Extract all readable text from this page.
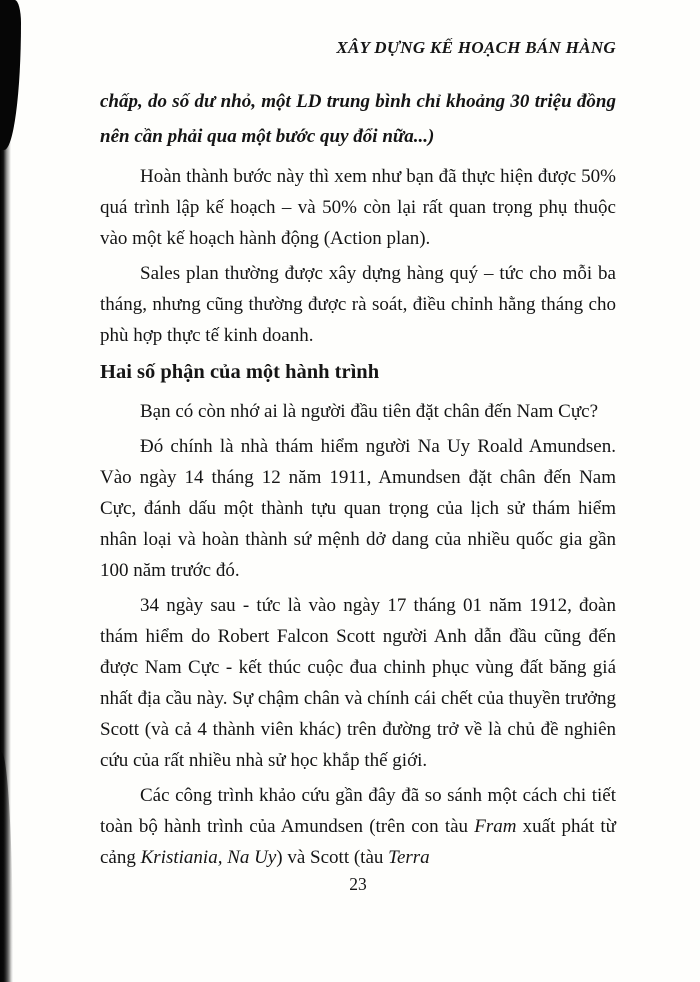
XÂY DỰNG KẾ HOẠCH BÁN HÀNG

chấp, do số dư nhỏ, một LD trung bình chỉ khoảng 30 triệu đồng nên cần phải qua một bước quy đổi nữa...)

Hoàn thành bước này thì xem như bạn đã thực hiện được 50% quá trình lập kế hoạch – và 50% còn lại rất quan trọng phụ thuộc vào một kế hoạch hành động (Action plan).

Sales plan thường được xây dựng hàng quý – tức cho mỗi ba tháng, nhưng cũng thường được rà soát, điều chỉnh hằng tháng cho phù hợp thực tế kinh doanh.

Hai số phận của một hành trình

Bạn có còn nhớ ai là người đầu tiên đặt chân đến Nam Cực?

Đó chính là nhà thám hiểm người Na Uy Roald Amundsen. Vào ngày 14 tháng 12 năm 1911, Amundsen đặt chân đến Nam Cực, đánh dấu một thành tựu quan trọng của lịch sử thám hiểm nhân loại và hoàn thành sứ mệnh dở dang của nhiều quốc gia gần 100 năm trước đó.

34 ngày sau - tức là vào ngày 17 tháng 01 năm 1912, đoàn thám hiểm do Robert Falcon Scott người Anh dẫn đầu cũng đến được Nam Cực - kết thúc cuộc đua chinh phục vùng đất băng giá nhất địa cầu này. Sự chậm chân và chính cái chết của thuyền trưởng Scott (và cả 4 thành viên khác) trên đường trở về là chủ đề nghiên cứu của rất nhiều nhà sử học khắp thế giới.

Các công trình khảo cứu gần đây đã so sánh một cách chi tiết toàn bộ hành trình của Amundsen (trên con tàu Fram xuất phát từ cảng Kristiania, Na Uy) và Scott (tàu Terra

23
